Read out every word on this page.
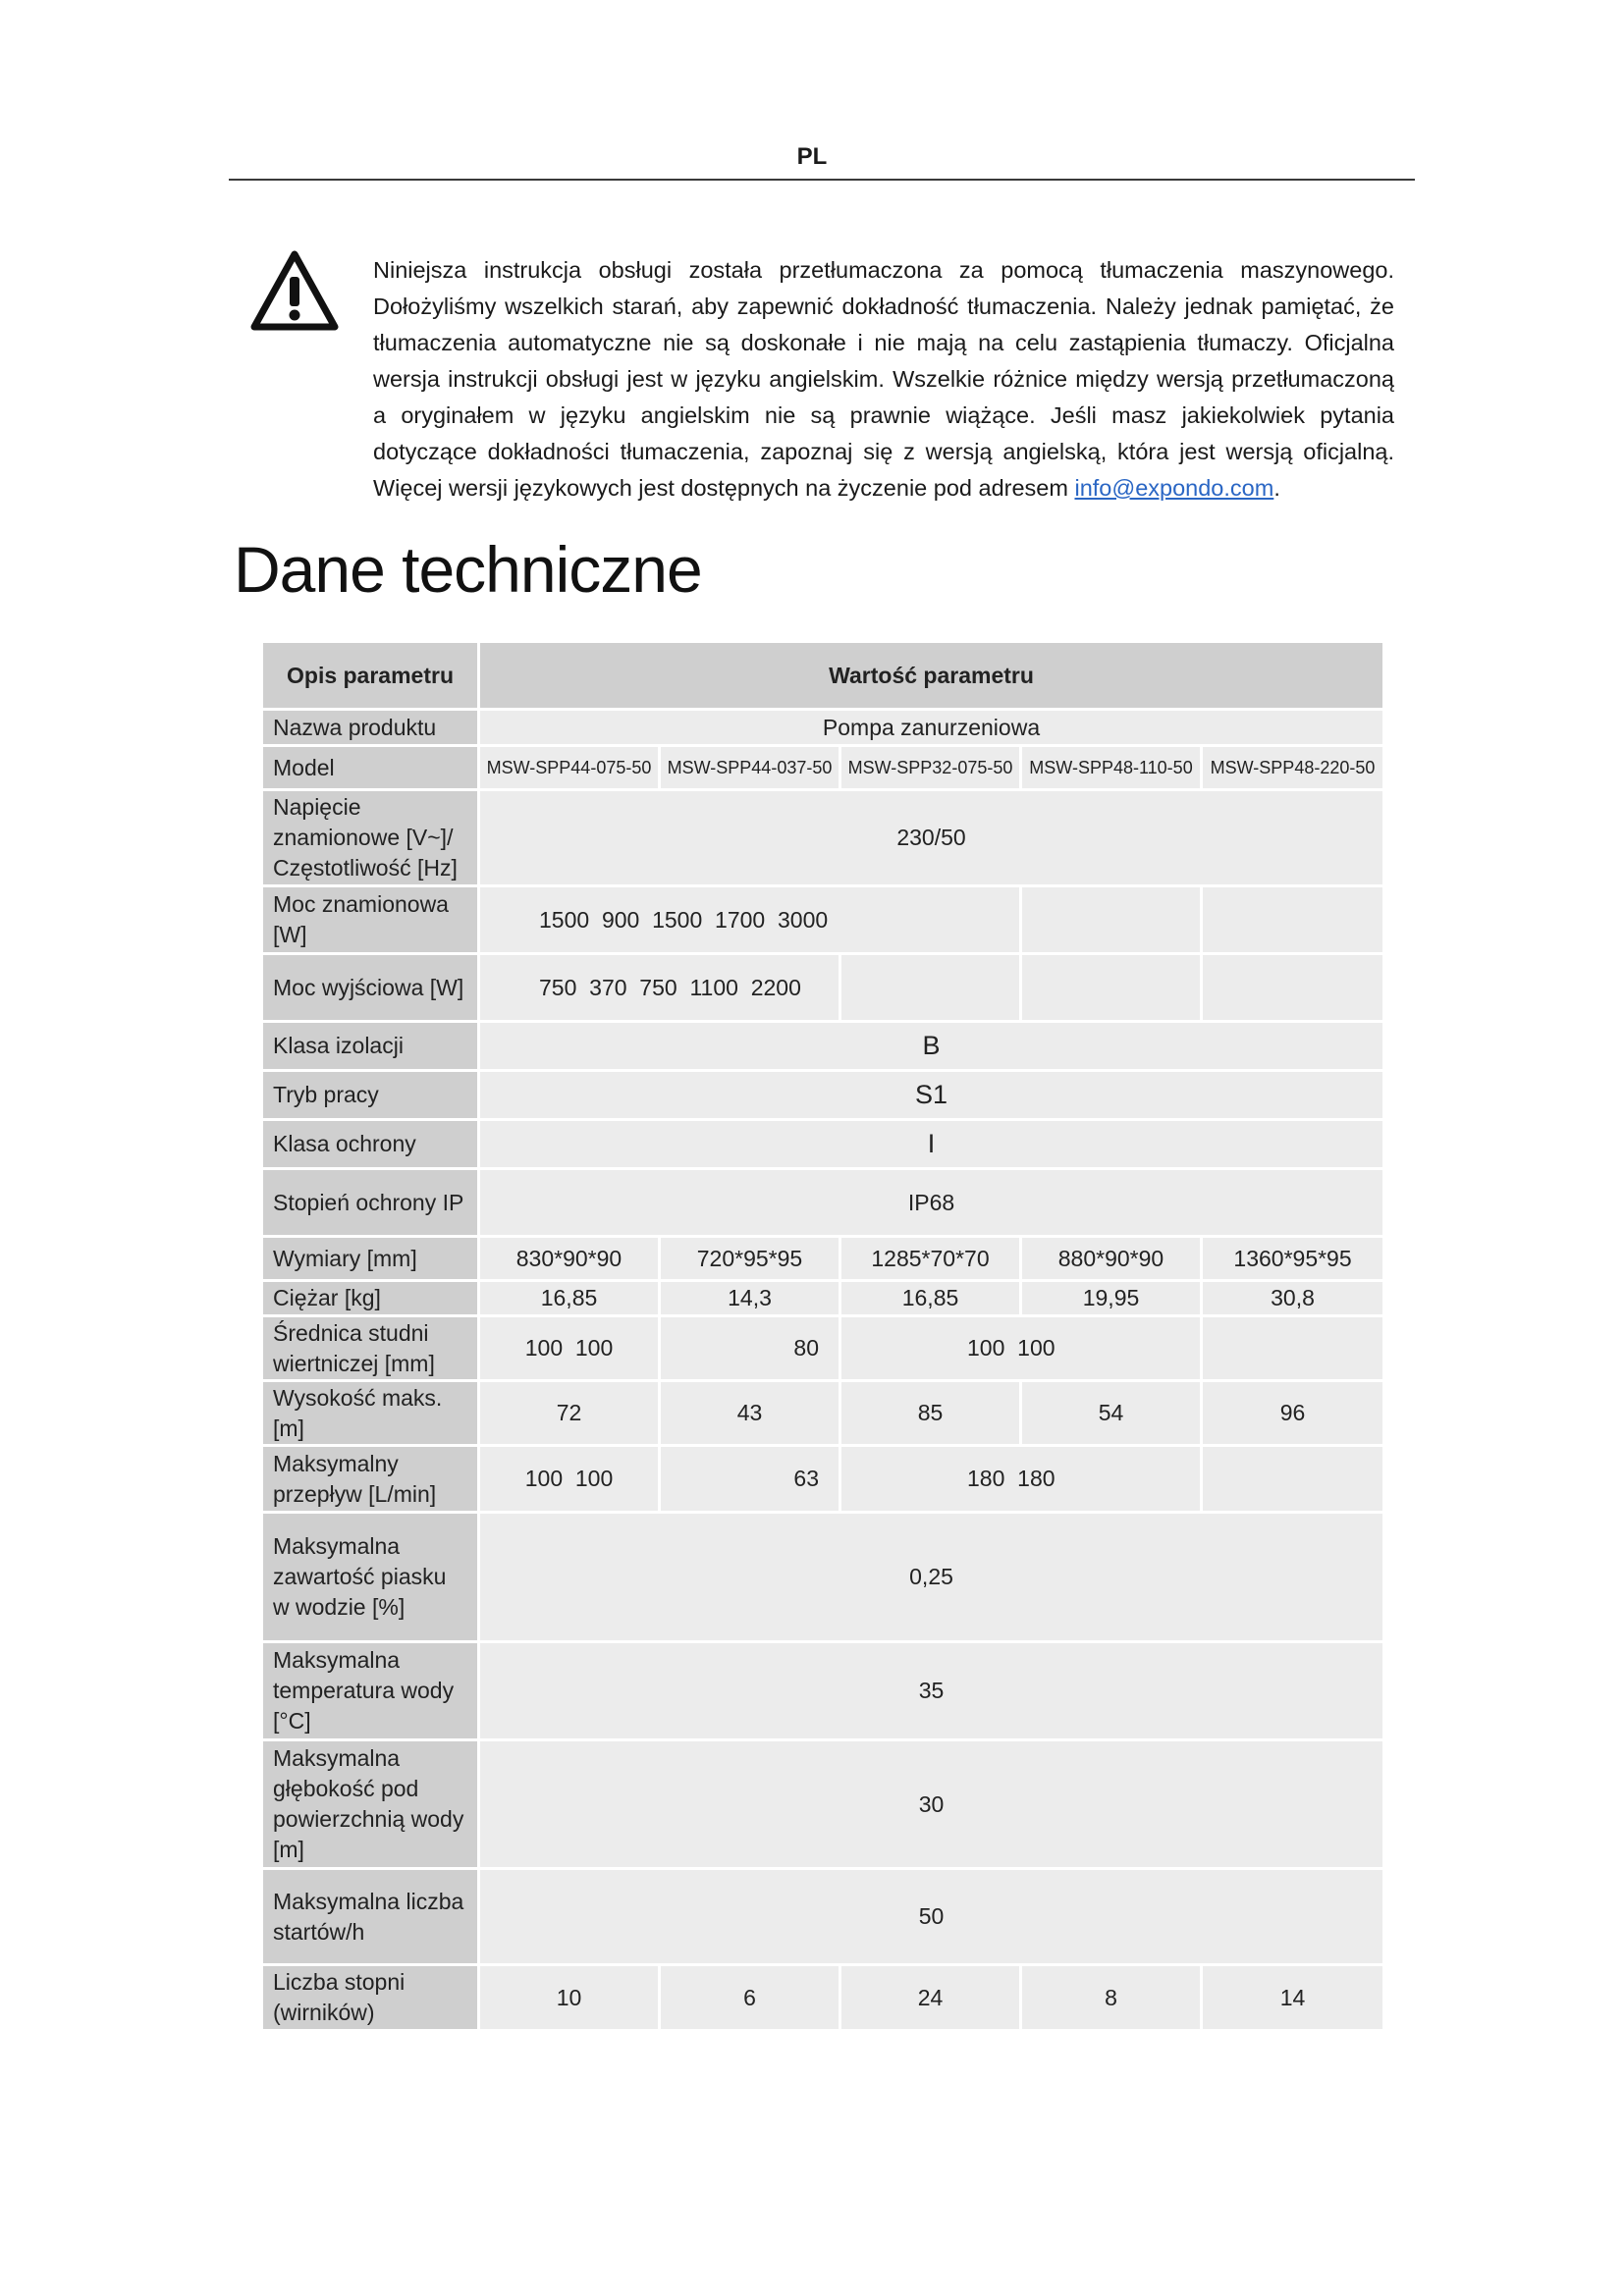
PL
Niniejsza instrukcja obsługi została przetłumaczona za pomocą tłumaczenia maszynowego. Dołożyliśmy wszelkich starań, aby zapewnić dokładność tłumaczenia. Należy jednak pamiętać, że tłumaczenia automatyczne nie są doskonałe i nie mają na celu zastąpienia tłumaczy. Oficjalna wersja instrukcji obsługi jest w języku angielskim. Wszelkie różnice między wersją przetłumaczoną a oryginałem w języku angielskim nie są prawnie wiążące. Jeśli masz jakiekolwiek pytania dotyczące dokładności tłumaczenia, zapoznaj się z wersją angielską, która jest wersją oficjalną. Więcej wersji językowych jest dostępnych na życzenie pod adresem info@expondo.com.
Dane techniczne
Opis parametru	Wartość parametru				
Nazwa produktu	Pompa zanurzeniowa				
Model	MSW-SPP44-075-50	MSW-SPP44-037-50	MSW-SPP32-075-50	MSW-SPP48-110-50	MSW-SPP48-220-50
Napięcie znamionowe [V~]/ Częstotliwość [Hz]	230/50				
Moc znamionowa [W]	1500  900  1500  1700  3000				
Moc wyjściowa [W]	750  370  750  1100  2200				
Klasa izolacji	B				
Tryb pracy	S1				
Klasa ochrony	I				
Stopień ochrony IP	IP68				
Wymiary [mm]	830*90*90	720*95*95	1285*70*70	880*90*90	1360*95*95
Ciężar [kg]	16,85	14,3	16,85	19,95	30,8
Średnica studni wiertniczej [mm]	100  100	80	100  100		
Wysokość maks. [m]	72	43	85	54	96
Maksymalny przepływ [L/min]	100  100	63	180  180		
Maksymalna zawartość piasku w wodzie [%]	0,25				
Maksymalna temperatura wody [°C]	35				
Maksymalna głębokość pod powierzchnią wody [m]	30				
Maksymalna liczba startów/h	50				
Liczba stopni (wirników)	10	6	24	8	14
